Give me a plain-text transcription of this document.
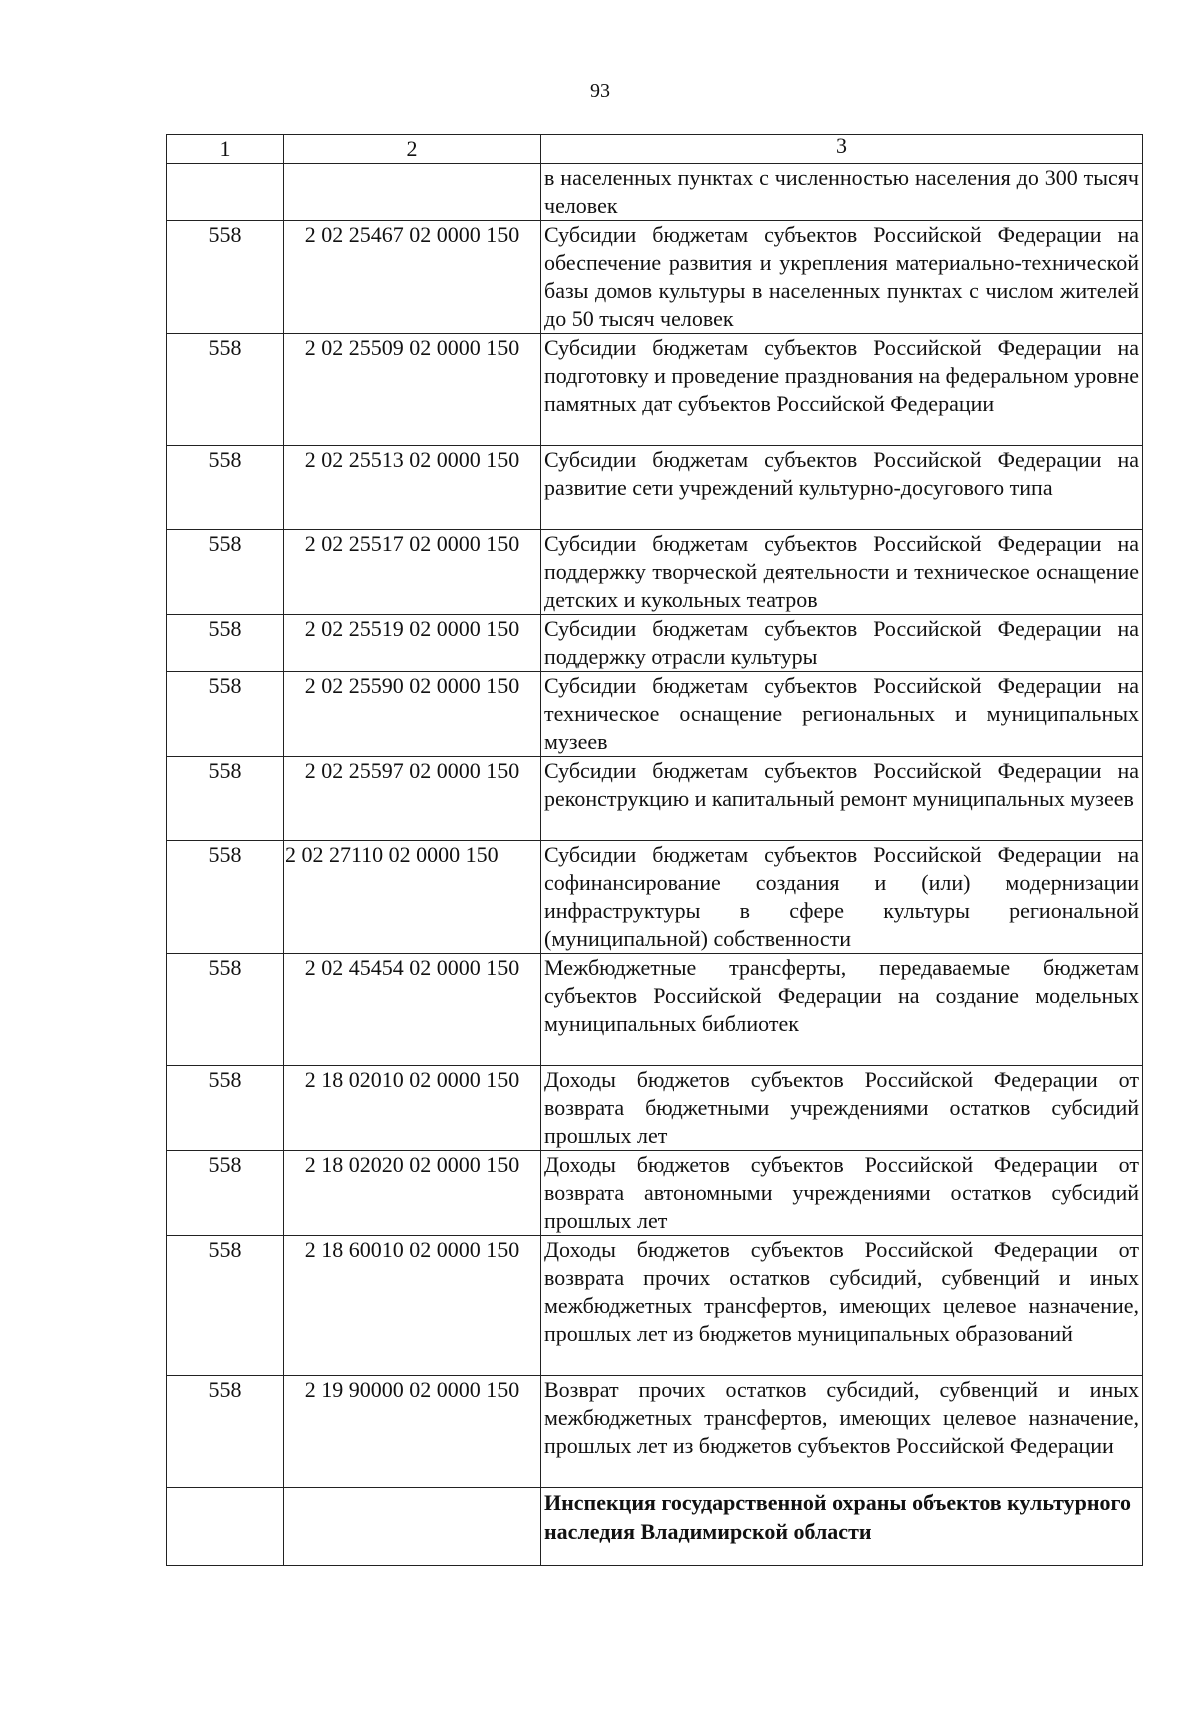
93
1	2	3
		в населенных пунктах с численностью населения до 300 тысяч человек
558	2 02 25467 02 0000 150	Субсидии бюджетам субъектов Российской Федерации на обеспечение развития и укрепления материально-технической базы домов культуры в населенных пунктах с числом жителей до 50 тысяч человек
558	2 02 25509 02 0000 150	Субсидии бюджетам субъектов Российской Федерации на подготовку и проведение празднования на федеральном уровне памятных дат субъектов Российской Федерации
558	2 02 25513 02 0000 150	Субсидии бюджетам субъектов Российской Федерации на развитие сети учреждений культурно-досугового типа
558	2 02 25517 02 0000 150	Субсидии бюджетам субъектов Российской Федерации на поддержку творческой деятельности и техническое оснащение детских и кукольных театров
558	2 02 25519 02 0000 150	Субсидии бюджетам субъектов Российской Федерации на поддержку отрасли культуры
558	2 02 25590 02 0000 150	Субсидии бюджетам субъектов Российской Федерации на техническое оснащение региональных и муниципальных музеев
558	2 02 25597 02 0000 150	Субсидии бюджетам субъектов Российской Федерации на реконструкцию и капитальный ремонт муниципальных музеев
558	2 02 27110 02 0000 150	Субсидии бюджетам субъектов Российской Федерации на софинансирование создания и (или) модернизации инфраструктуры в сфере культуры региональной (муниципальной) собственности
558	2 02 45454 02 0000 150	Межбюджетные трансферты, передаваемые бюджетам субъектов Российской Федерации на создание модельных муниципальных библиотек
558	2 18 02010 02 0000 150	Доходы бюджетов субъектов Российской Федерации от возврата бюджетными учреждениями остатков субсидий прошлых лет
558	2 18 02020 02 0000 150	Доходы бюджетов субъектов Российской Федерации от возврата автономными учреждениями остатков субсидий прошлых лет
558	2 18 60010 02 0000 150	Доходы бюджетов субъектов Российской Федерации от возврата прочих остатков субсидий, субвенций и иных межбюджетных трансфертов, имеющих целевое назначение, прошлых лет из бюджетов муниципальных образований
558	2 19 90000 02 0000 150	Возврат прочих остатков субсидий, субвенций и иных межбюджетных трансфертов, имеющих целевое назначение, прошлых лет из бюджетов субъектов Российской Федерации
		Инспекция государственной охраны объектов культурного наследия Владимирской области
